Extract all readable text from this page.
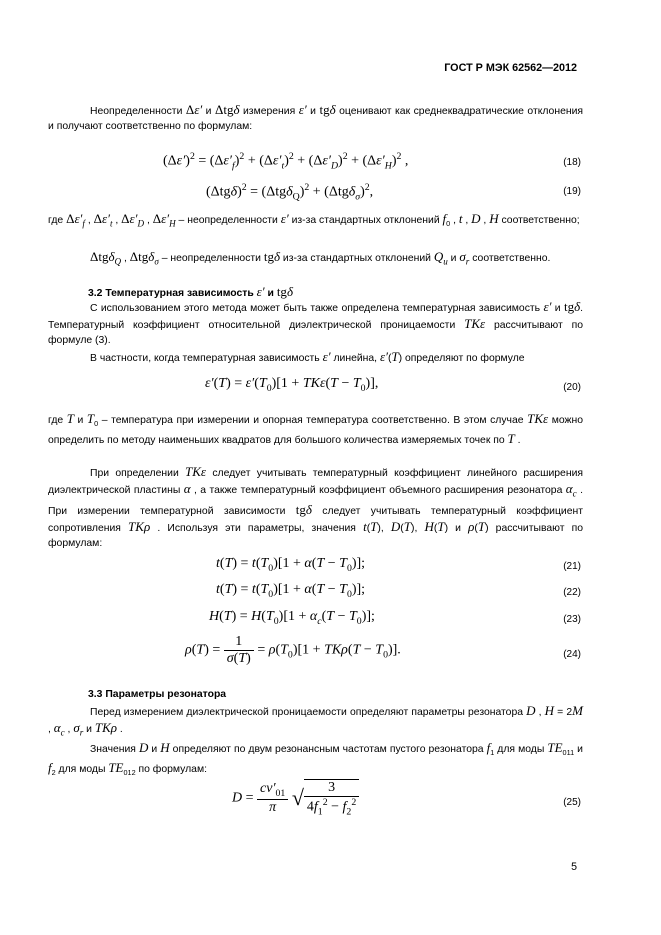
ГОСТ Р МЭК 62562—2012
Неопределенности Δε′ и Δtgδ измерения ε′ и tgδ оценивают как среднеквадратические отклонения и получают соответственно по формулам:
$(\Delta\varepsilon')^2 = (\Delta\varepsilon'_f)^2 + (\Delta\varepsilon'_t)^2 + (\Delta\varepsilon'_D)^2 + (\Delta\varepsilon'_H)^2$ ,	(18)
$(\Delta tg\delta)^2 = (\Delta tg\delta_Q)^2 + (\Delta tg\delta_\sigma)^2$,	(19)
где $\Delta\varepsilon'_f$ , $\Delta\varepsilon'_t$ , $\Delta\varepsilon'_D$ , $\Delta\varepsilon'_H$ – неопределенности ε′ из-за стандартных отклонений $f_0$ , t , D , H соответственно;
Δtgδ$_Q$ , Δtgδ$_\sigma$ – неопределенности tgδ из-за стандартных отклонений $Q_u$ и $\sigma_r$ соответственно.
3.2 Температурная зависимость ε′ и tgδ
С использованием этого метода может быть также определена температурная зависимость ε′ и tgδ. Температурный коэффициент относительной диэлектрической проницаемости TKε рассчитывают по формуле (3).
В частности, когда температурная зависимость ε′ линейна, ε′(T) определяют по формуле
$\varepsilon'(T) = \varepsilon'(T_0)[1 + TK\varepsilon(T - T_0)]$,	(20)
где T и $T_0$ – температура при измерении и опорная температура соответственно. В этом случае TKε можно определить по методу наименьших квадратов для большого количества измеряемых точек по T .
При определении TKε следует учитывать температурный коэффициент линейного расширения диэлектрической пластины α , а также температурный коэффициент объемного расширения резонатора $\alpha_c$ . При измерении температурной зависимости tgδ следует учитывать температурный коэффициент сопротивления TKρ . Используя эти параметры, значения t(T), D(T), H(T) и ρ(T) рассчитывают по формулам:
$t(T) = t(T_0)[1 + \alpha(T - T_0)]$;	(21)
$t(T) = t(T_0)[1 + \alpha(T - T_0)]$;	(22)
$H(T) = H(T_0)[1 + \alpha_c(T - T_0)]$;	(23)
$\rho(T) = \frac{1}{\sigma(T)} = \rho(T_0)[1 + TK\rho(T - T_0)]$.	(24)
3.3 Параметры резонатора
Перед измерением диэлектрической проницаемости определяют параметры резонатора D , H = 2M , $\alpha_c$ , $\sigma_r$ и TKρ .
Значения D и H определяют по двум резонансным частотам пустого резонатора $f_1$ для моды $TE_{011}$ и $f_2$ для моды $TE_{012}$ по формулам:
$D = \frac{c\nu'_{01}}{\pi}$ √ $\frac{3}{4f_1^2 - f_2^2}$	(25)
5
